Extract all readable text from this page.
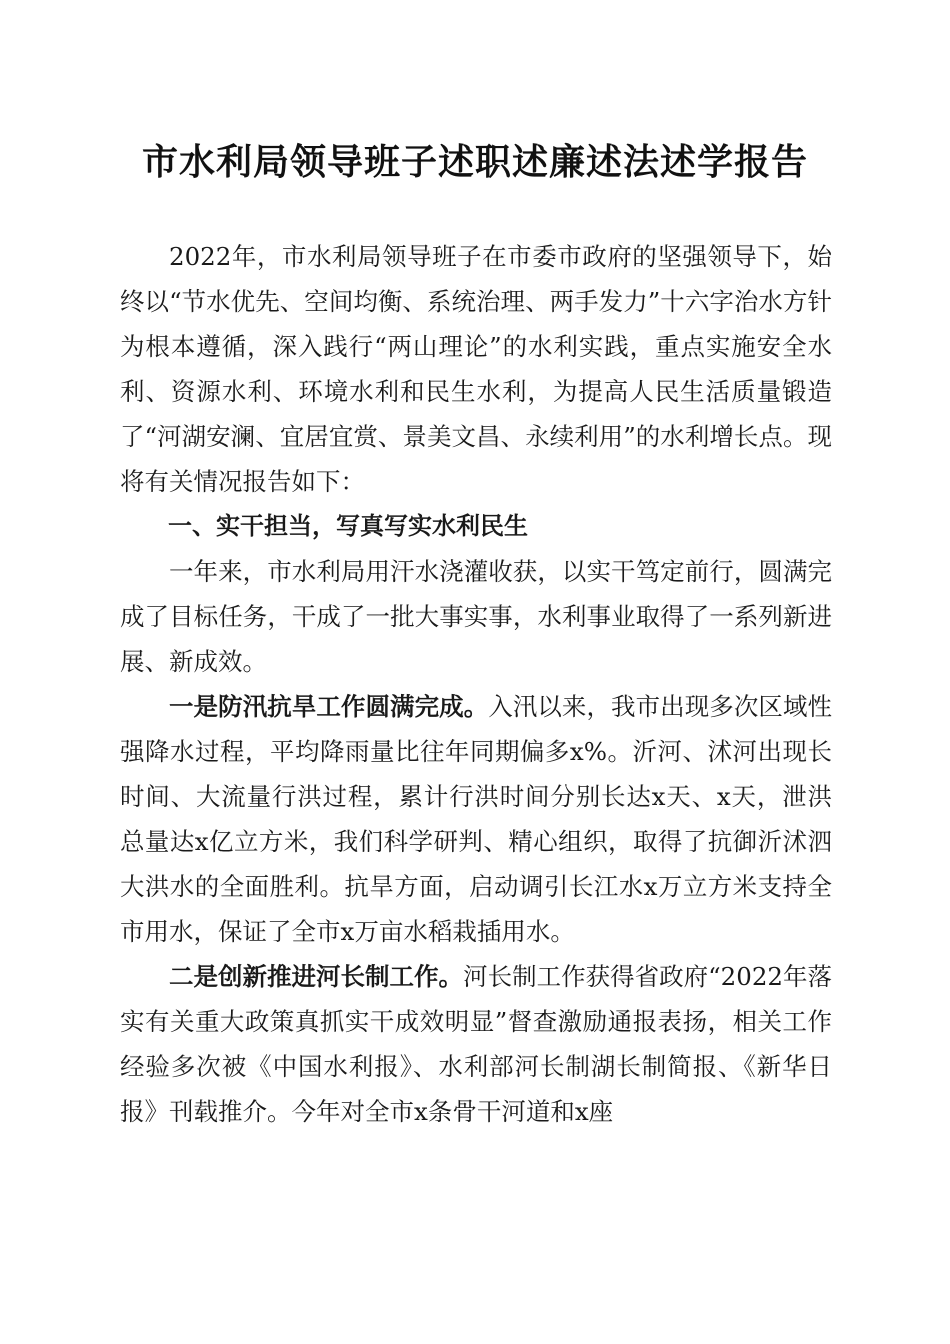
市水利局领导班子述职述廉述法述学报告

2022年，市水利局领导班子在市委市政府的坚强领导下，始终以“节水优先、空间均衡、系统治理、两手发力”十六字治水方针为根本遵循，深入践行“两山理论”的水利实践，重点实施安全水利、资源水利、环境水利和民生水利，为提高人民生活质量锻造了“河湖安澜、宜居宜赏、景美文昌、永续利用”的水利增长点。现将有关情况报告如下：

一、实干担当，写真写实水利民生

一年来，市水利局用汗水浇灌收获，以实干笃定前行，圆满完成了目标任务，干成了一批大事实事，水利事业取得了一系列新进展、新成效。

一是防汛抗旱工作圆满完成。入汛以来，我市出现多次区域性强降水过程，平均降雨量比往年同期偏多x%。沂河、沭河出现长时间、大流量行洪过程，累计行洪时间分别长达x天、x天，泄洪总量达x亿立方米，我们科学研判、精心组织，取得了抗御沂沭泗大洪水的全面胜利。抗旱方面，启动调引长江水x万立方米支持全市用水，保证了全市x万亩水稻栽插用水。

二是创新推进河长制工作。河长制工作获得省政府“2022年落实有关重大政策真抓实干成效明显”督查激励通报表扬，相关工作经验多次被《中国水利报》、水利部河长制湖长制简报、《新华日报》刊载推介。今年对全市x条骨干河道和x座
